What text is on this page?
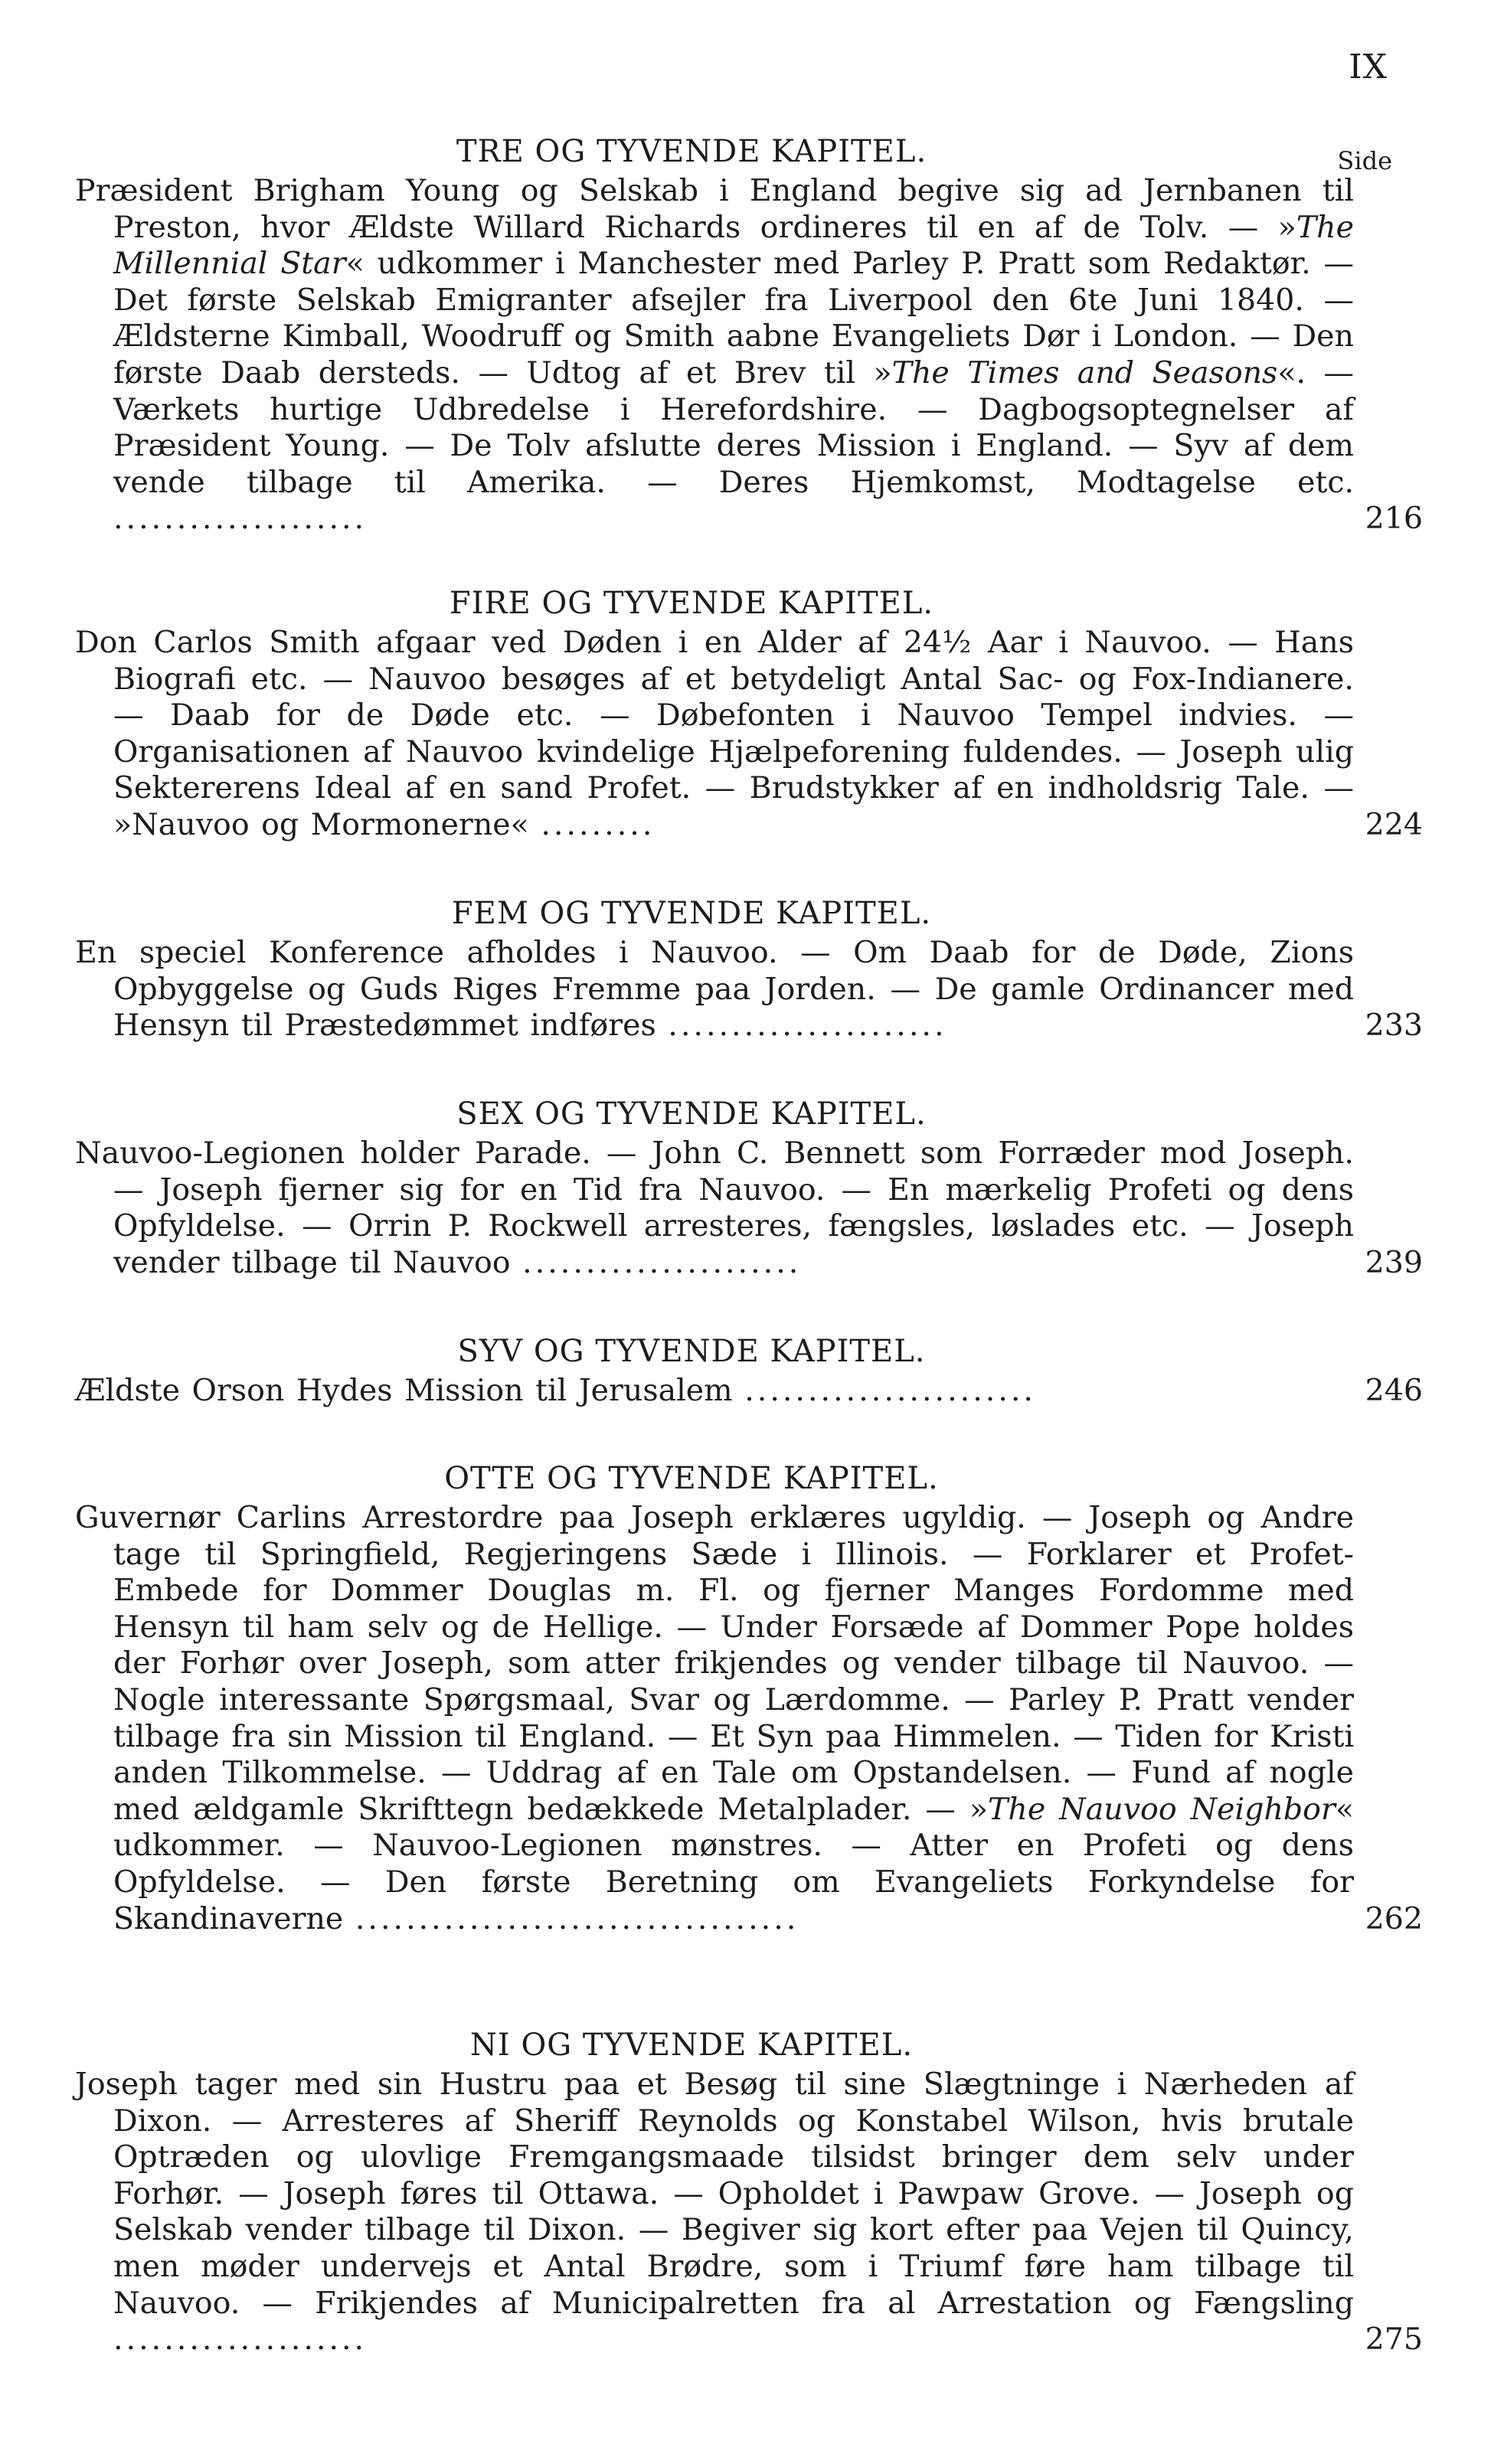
IX
TRE OG TYVENDE KAPITEL.	Side
Præsident Brigham Young og Selskab i England begive sig ad Jernbanen til Preston, hvor Ældste Willard Richards ordineres til en af de Tolv. — »The Millennial Star« udkommer i Manchester med Parley P. Pratt som Redaktør. — Det første Selskab Emigranter afsejler fra Liverpool den 6te Juni 1840. — Ældsterne Kimball, Woodruff og Smith aabne Evangeliets Dør i London. — Den første Daab dersteds. — Udtog af et Brev til »The Times and Seasons«. — Værkets hurtige Udbredelse i Herefordshire. — Dagbogsoptegnelser af Præsident Young. — De Tolv afslutte deres Mission i England. — Syv af dem vende tilbage til Amerika. — Deres Hjemkomst, Modtagelse etc. ....................	216
FIRE OG TYVENDE KAPITEL.
Don Carlos Smith afgaar ved Døden i en Alder af 24½ Aar i Nauvoo. — Hans Biografi etc. — Nauvoo besøges af et betydeligt Antal Sac- og Fox-Indianere. — Daab for de Døde etc. — Døbefonten i Nauvoo Tempel indvies. — Organisationen af Nauvoo kvindelige Hjælpeforening fuldendes. — Joseph ulig Sektererens Ideal af en sand Profet. — Brudstykker af en indholdsrig Tale. — »Nauvoo og Mormonerne« .........	224
FEM OG TYVENDE KAPITEL.
En speciel Konference afholdes i Nauvoo. — Om Daab for de Døde, Zions Opbyggelse og Guds Riges Fremme paa Jorden. — De gamle Ordinancer med Hensyn til Præstedømmet indføres ......................	233
SEX OG TYVENDE KAPITEL.
Nauvoo-Legionen holder Parade. — John C. Bennett som Forræder mod Joseph. — Joseph fjerner sig for en Tid fra Nauvoo. — En mærkelig Profeti og dens Opfyldelse. — Orrin P. Rockwell arresteres, fængsles, løslades etc. — Joseph vender tilbage til Nauvoo ......................	239
SYV OG TYVENDE KAPITEL.
Ældste Orson Hydes Mission til Jerusalem .......................	246
OTTE OG TYVENDE KAPITEL.
Guvernør Carlins Arrestordre paa Joseph erklæres ugyldig. — Joseph og Andre tage til Springfield, Regjeringens Sæde i Illinois. — Forklarer et Profet-Embede for Dommer Douglas m. Fl. og fjerner Manges Fordomme med Hensyn til ham selv og de Hellige. — Under Forsæde af Dommer Pope holdes der Forhør over Joseph, som atter frikjendes og vender tilbage til Nauvoo. — Nogle interessante Spørgsmaal, Svar og Lærdomme. — Parley P. Pratt vender tilbage fra sin Mission til England. — Et Syn paa Himmelen. — Tiden for Kristi anden Tilkommelse. — Uddrag af en Tale om Opstandelsen. — Fund af nogle med ældgamle Skrifttegn bedækkede Metalplader. — »The Nauvoo Neighbor« udkommer. — Nauvoo-Legionen mønstres. — Atter en Profeti og dens Opfyldelse. — Den første Beretning om Evangeliets Forkyndelse for Skandinaverne ...................................	262
NI OG TYVENDE KAPITEL.
Joseph tager med sin Hustru paa et Besøg til sine Slægtninge i Nærheden af Dixon. — Arresteres af Sheriff Reynolds og Konstabel Wilson, hvis brutale Optræden og ulovlige Fremgangsmaade tilsidst bringer dem selv under Forhør. — Joseph føres til Ottawa. — Opholdet i Pawpaw Grove. — Joseph og Selskab vender tilbage til Dixon. — Begiver sig kort efter paa Vejen til Quincy, men møder undervejs et Antal Brødre, som i Triumf føre ham tilbage til Nauvoo. — Frikjendes af Municipalretten fra al Arrestation og Fængsling ....................	275
